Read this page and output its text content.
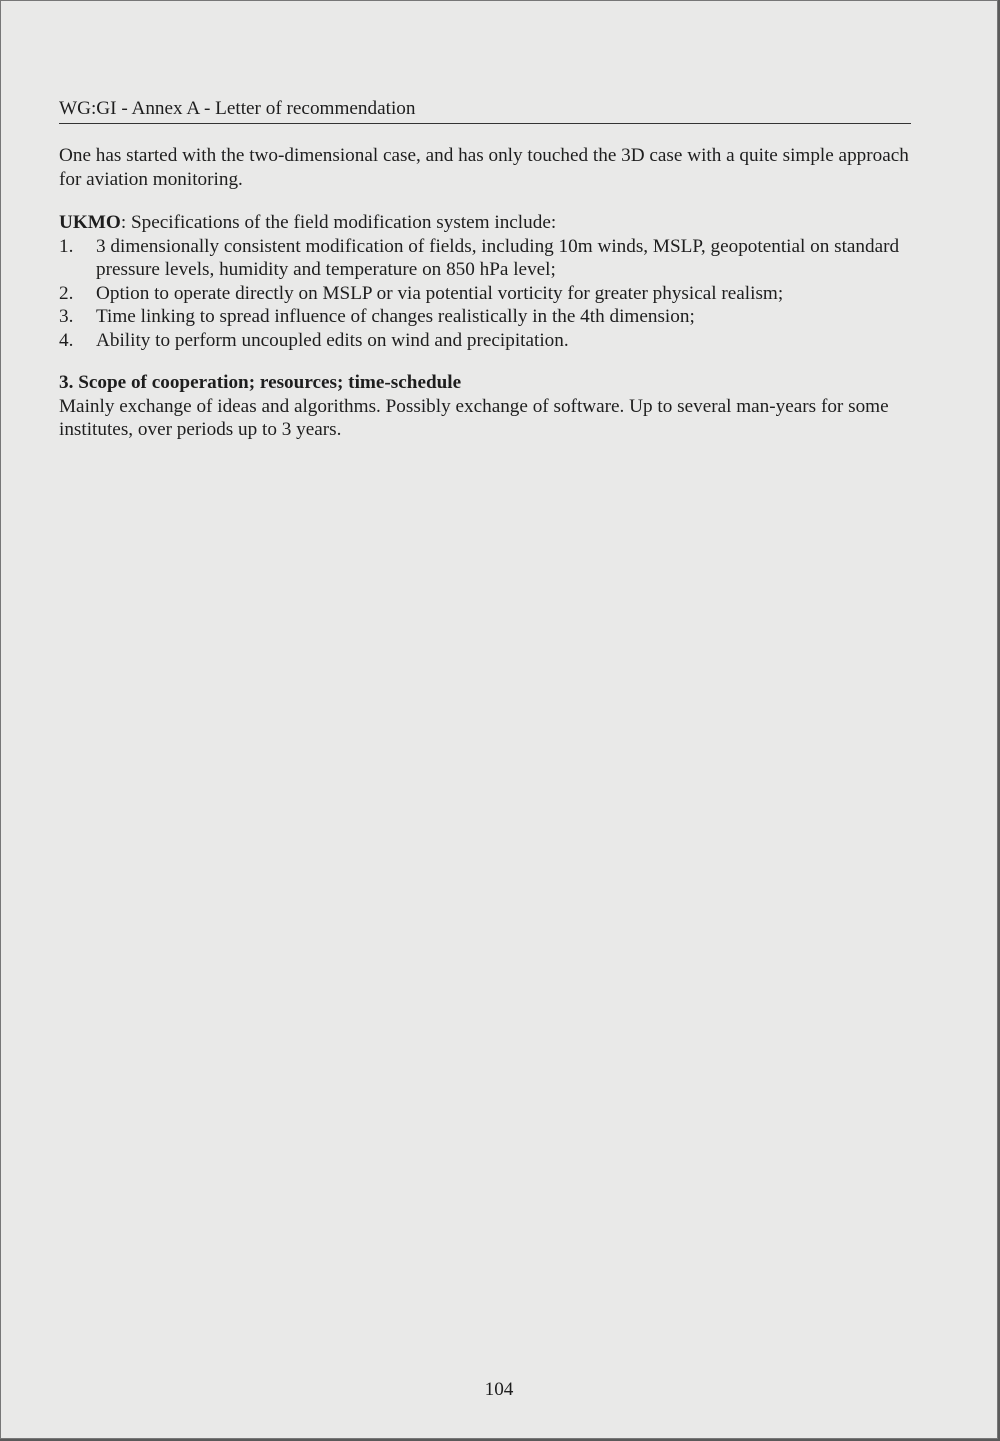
WG:GI - Annex A - Letter of recommendation

One has started with the two-dimensional case, and has only touched the 3D case with a quite simple approach for aviation monitoring.

UKMO: Specifications of the field modification system include:
1. 3 dimensionally consistent modification of fields, including 10m winds, MSLP, geopotential on standard pressure levels, humidity and temperature on 850 hPa level;
2. Option to operate directly on MSLP or via potential vorticity for greater physical realism;
3. Time linking to spread influence of changes realistically in the 4th dimension;
4. Ability to perform uncoupled edits on wind and precipitation.
3. Scope of cooperation; resources; time-schedule
Mainly exchange of ideas and algorithms. Possibly exchange of software. Up to several man-years for some institutes, over periods up to 3 years.
104
